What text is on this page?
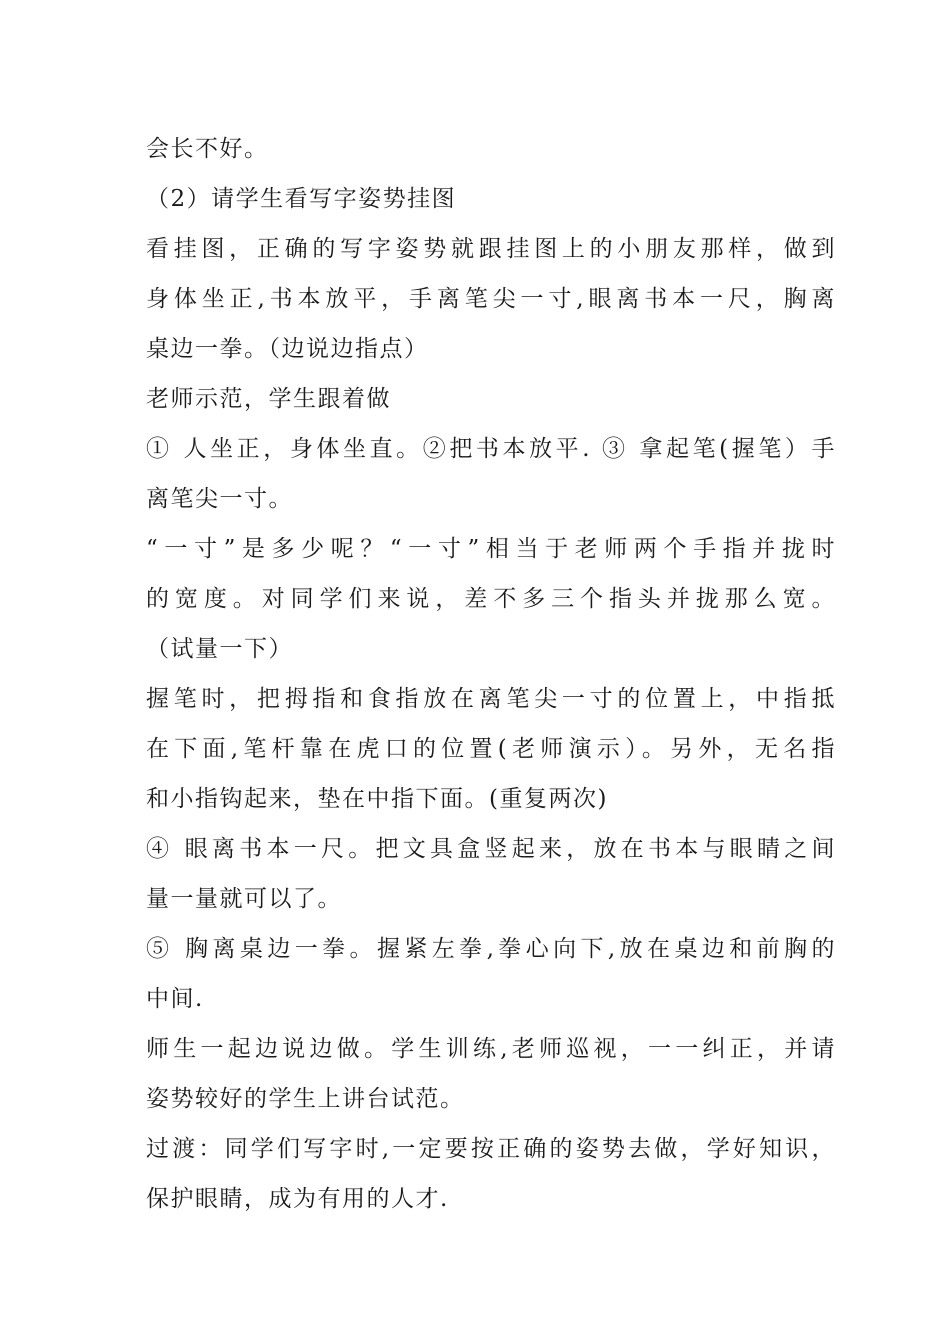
会长不好。
（2）请学生看写字姿势挂图
看挂图，正确的写字姿势就跟挂图上的小朋友那样，做到
身体坐正,书本放平，手离笔尖一寸,眼离书本一尺，胸离
桌边一拳。（边说边指点）
老师示范，学生跟着做
① 人坐正，身体坐直。②把书本放平. ③ 拿起笔(握笔）手
离笔尖一寸。
“一寸”是多少呢？“一寸”相当于老师两个手指并拢时
的宽度。对同学们来说，差不多三个指头并拢那么宽。
（试量一下）
握笔时，把拇指和食指放在离笔尖一寸的位置上，中指抵
在下面,笔杆靠在虎口的位置(老师演示）。另外，无名指
和小指钩起来，垫在中指下面。(重复两次)
④ 眼离书本一尺。把文具盒竖起来，放在书本与眼睛之间
量一量就可以了。
⑤ 胸离桌边一拳。握紧左拳,拳心向下,放在桌边和前胸的
中间.
师生一起边说边做。学生训练,老师巡视，一一纠正，并请
姿势较好的学生上讲台试范。
过渡：同学们写字时,一定要按正确的姿势去做，学好知识，
保护眼睛，成为有用的人才.
